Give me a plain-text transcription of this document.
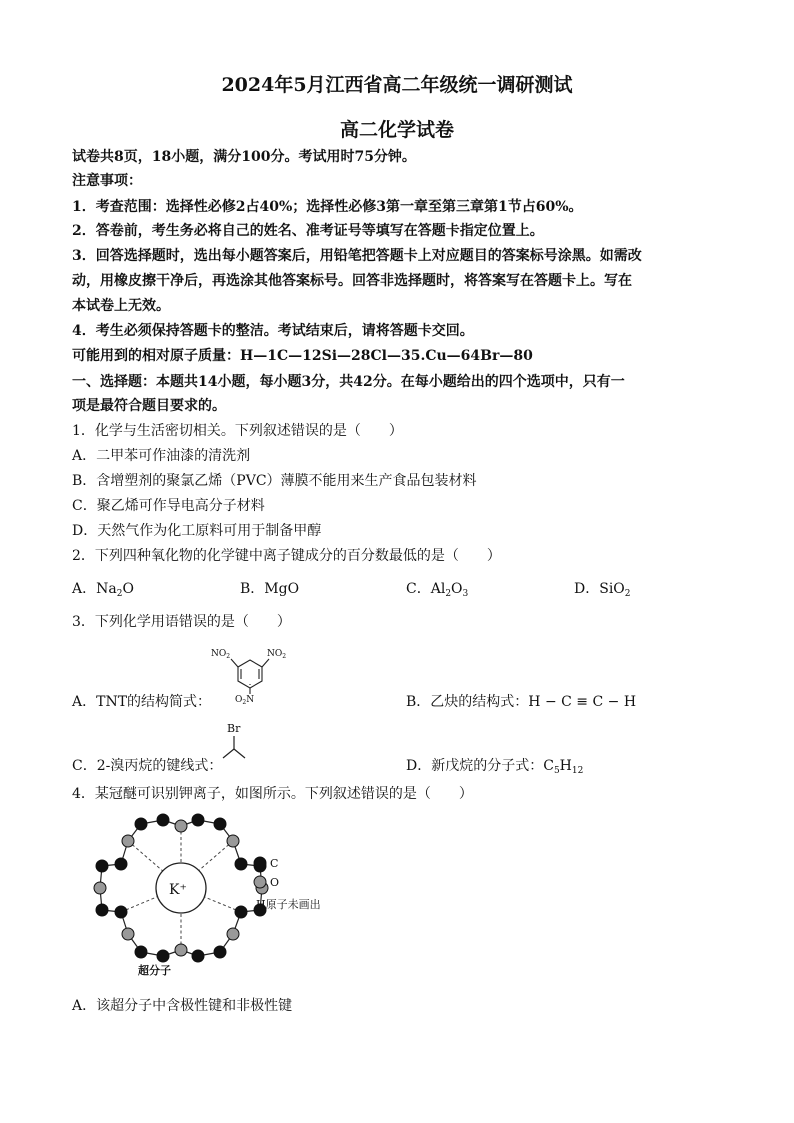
2024年5月江西省高二年级统一调研测试
高二化学试卷
试卷共8页，18小题，满分100分。考试用时75分钟。
注意事项：
1．考查范围：选择性必修2占40%；选择性必修3第一章至第三章第1节占60%。
2．答卷前，考生务必将自己的姓名、准考证号等填写在答题卡指定位置上。
3．回答选择题时，选出每小题答案后，用铅笔把答题卡上对应题目的答案标号涂黑。如需改
动，用橡皮擦干净后，再选涂其他答案标号。回答非选择题时，将答案写在答题卡上。写在
本试卷上无效。
4．考生必须保持答题卡的整洁。考试结束后，请将答题卡交回。
可能用到的相对原子质量：H—1C—12Si—28Cl—35.Cu—64Br—80
一、选择题：本题共14小题，每小题3分，共42分。在每小题给出的四个选项中，只有一
项是最符合题目要求的。
1．化学与生活密切相关。下列叙述错误的是（　　）
A．二甲苯可作油漆的清洗剂
B．含增塑剂的聚氯乙烯（PVC）薄膜不能用来生产食品包装材料
C．聚乙烯可作导电高分子材料
D．天然气作为化工原料可用于制备甲醇
2．下列四种氧化物的化学键中离子键成分的百分数最低的是（　　）
A．$Na_2O$	B．MgO	C．$Al_2O_3$	D．SiO$_2$
3．下列化学用语错误的是（　　）
$NO_2$	$NO_2$
$O_2N$
A．TNT的结构简式：	B．乙炔的结构式：H − C ≡ C − H
Br
C．2-溴丙烷的键线式：	D．新戊烷的分子式：$C_5H_{12}$
4．某冠醚可识别钾离子，如图所示。下列叙述错误的是（　　）
K⁺
C
O
H原子未画出
超分子
A．该超分子中含极性键和非极性键
